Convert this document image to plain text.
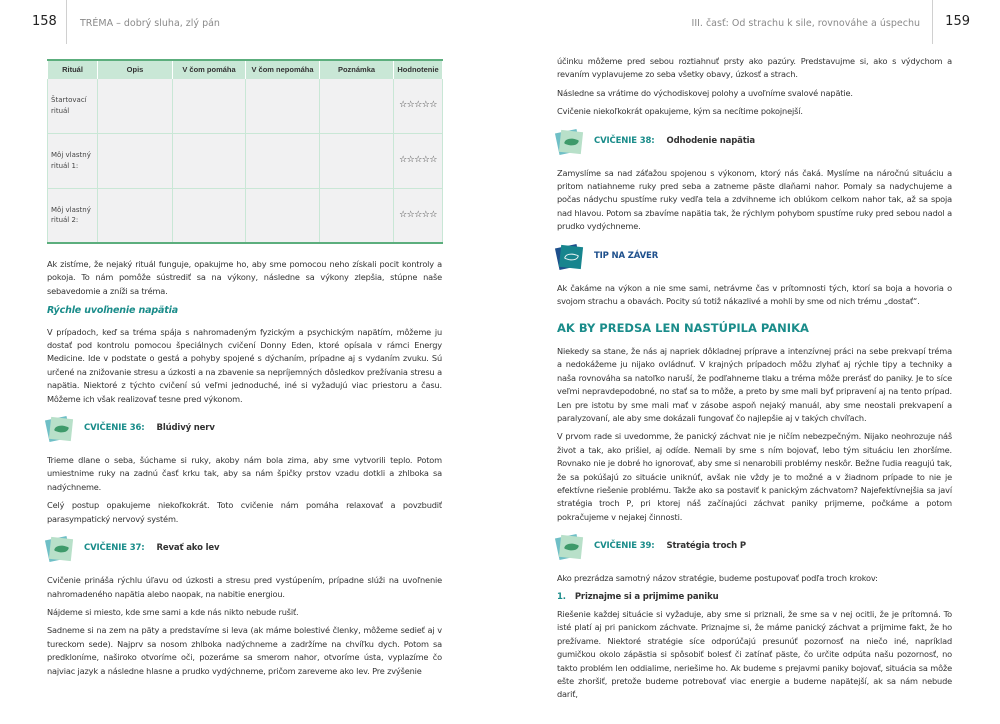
158 TRÉMA – dobrý sluha, zlý pán
Rituál	Opis	V čom pomáha	V čom nepomáha	Poznámka	Hodnotenie
Štartovací rituál					☆☆☆☆☆
Môj vlastný rituál 1:					☆☆☆☆☆
Môj vlastný rituál 2:					☆☆☆☆☆

Ak zistíme, že nejaký rituál funguje, opakujme ho, aby sme pomocou neho získali pocit kontroly a pokoja. To nám pomôže sústrediť sa na výkony, následne sa výkony zlepšia, stúpne naše sebavedomie a zníži sa tréma.

Rýchle uvoľnenie napätia

V prípadoch, keď sa tréma spája s nahromadeným fyzickým a psychickým napätím, môžeme ju dostať pod kontrolu pomocou špeciálnych cvičení Donny Eden, ktoré opísala v rámci Energy Medicine. Ide v podstate o gestá a pohyby spojené s dýchaním, prípadne aj s vydaním zvuku. Sú určené na znižovanie stresu a úzkosti a na zbavenie sa nepríjemných dôsledkov prežívania stresu a napätia. Niektoré z týchto cvičení sú veľmi jednoduché, iné si vyžadujú viac priestoru a času. Môžeme ich však realizovať tesne pred výkonom.

CVIČENIE 36: Blúdivý nerv

Trieme dlane o seba, šúchame si ruky, akoby nám bola zima, aby sme vytvorili teplo. Potom umiestnime ruky na zadnú časť krku tak, aby sa nám špičky prstov vzadu dotkli a zhlboka sa nadýchneme.

Celý postup opakujeme niekoľkokrát. Toto cvičenie nám pomáha relaxovať a povzbudiť parasympatický nervový systém.

CVIČENIE 37: Revať ako lev

Cvičenie prináša rýchlu úľavu od úzkosti a stresu pred vystúpením, prípadne slúži na uvoľnenie nahromadeného napätia alebo naopak, na nabitie energiou.

Nájdeme si miesto, kde sme sami a kde nás nikto nebude rušiť.

Sadneme si na zem na päty a predstavíme si leva (ak máme bolestivé členky, môžeme sedieť aj v tureckom sede). Najprv sa nosom zhlboka nadýchneme a zadržíme na chvíľku dych. Potom sa predkloníme, naširoko otvoríme oči, pozeráme sa smerom nahor, otvoríme ústa, vyplazíme čo najviac jazyk a následne hlasne a prudko vydýchneme, pričom zareveme ako lev. Pre zvýšenie

III. časť: Od strachu k sile, rovnováhe a úspechu 159

účinku môžeme pred sebou roztiahnuť prsty ako pazúry. Predstavujme si, ako s výdychom a revaním vyplavujeme zo seba všetky obavy, úzkosť a strach.

Následne sa vrátime do východiskovej polohy a uvoľníme svalové napätie.

Cvičenie niekoľkokrát opakujeme, kým sa necítime pokojnejší.

CVIČENIE 38: Odhodenie napätia

Zamyslíme sa nad záťažou spojenou s výkonom, ktorý nás čaká. Myslíme na náročnú situáciu a pritom natiahneme ruky pred seba a zatneme päste dlaňami nahor. Pomaly sa nadychujeme a počas nádychu spustíme ruky vedľa tela a zdvihneme ich oblúkom celkom nahor tak, až sa spoja nad hlavou. Potom sa zbavíme napätia tak, že rýchlym pohybom spustíme ruky pred sebou nadol a prudko vydýchneme.

TIP NA ZÁVER

Ak čakáme na výkon a nie sme sami, netrávme čas v prítomnosti tých, ktorí sa boja a hovoria o svojom strachu a obavách. Pocity sú totiž nákazlivé a mohli by sme od nich trému „dostať“.

AK BY PREDSA LEN NASTÚPILA PANIKA

Niekedy sa stane, že nás aj napriek dôkladnej príprave a intenzívnej práci na sebe prekvapí tréma a nedokážeme ju nijako ovládnuť. V krajných prípadoch môžu zlyhať aj rýchle tipy a techniky a naša rovnováha sa natoľko naruší, že podľahneme tlaku a tréma môže prerásť do paniky. Je to síce veľmi nepravdepodobné, no stať sa to môže, a preto by sme mali byť pripravení aj na tento prípad. Len pre istotu by sme mali mať v zásobe aspoň nejaký manuál, aby sme neostali prekvapení a paralyzovaní, ale aby sme dokázali fungovať čo najlepšie aj v takých chvíľach.

V prvom rade si uvedomme, že panický záchvat nie je ničím nebezpečným. Nijako neohrozuje náš život a tak, ako prišiel, aj odíde. Nemali by sme s ním bojovať, lebo tým situáciu len zhoršíme. Rovnako nie je dobré ho ignorovať, aby sme si nenarobili problémy neskôr. Bežne ľudia reagujú tak, že sa pokúšajú zo situácie uniknúť, avšak nie vždy je to možné a v žiadnom prípade to nie je efektívne riešenie problému. Takže ako sa postaviť k panickým záchvatom? Najefektívnejšia sa javí stratégia troch P, pri ktorej náš začínajúci záchvat paniky prijmeme, počkáme a potom pokračujeme v nejakej činnosti.

CVIČENIE 39: Stratégia troch P

Ako prezrádza samotný názov stratégie, budeme postupovať podľa troch krokov:

1. Priznajme si a prijmime paniku

Riešenie každej situácie si vyžaduje, aby sme si priznali, že sme sa v nej ocitli, že je prítomná. To isté platí aj pri panickom záchvate. Priznajme si, že máme panický záchvat a prijmime fakt, že ho prežívame. Niektoré stratégie síce odporúčajú presunúť pozornosť na niečo iné, napríklad gumičkou okolo zápästia si spôsobiť bolesť či zatínať päste, čo určite odpúta našu pozornosť, no takto problém len oddialime, neriešime ho. Ak budeme s prejavmi paniky bojovať, situácia sa môže ešte zhoršiť, pretože budeme potrebovať viac energie a budeme napätejší, ak sa nám nebude dariť,
